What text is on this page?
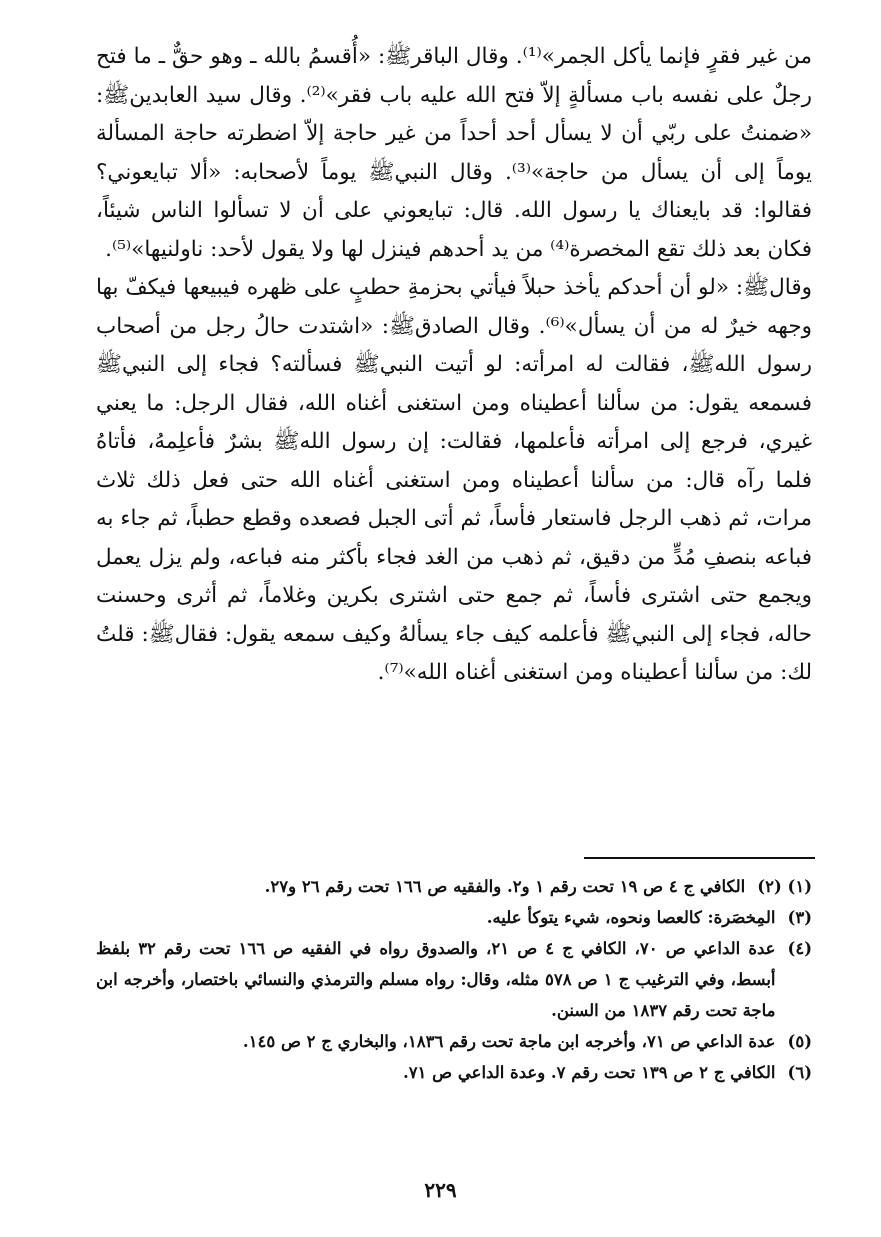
من غير فقرٍ فإنما يأكل الجمر»⁽¹⁾. وقال الباقرﷺ: «أُقسمُ بالله ـ وهو حقٌّ ـ ما فتح رجلٌ على نفسه باب مسألةٍ إلاّ فتح الله عليه باب فقر»⁽²⁾. وقال سيد العابدينﷺ: «ضمنتُ على ربّي أن لا يسأل أحد أحداً من غير حاجة إلاّ اضطرته حاجة المسألة يوماً إلى أن يسأل من حاجة»⁽³⁾. وقال النبيﷺ يوماً لأصحابه: «ألا تبايعوني؟ فقالوا: قد بايعناك يا رسول الله. قال: تبايعوني على أن لا تسألوا الناس شيئاً، فكان بعد ذلك تقع المخصرة⁽⁴⁾ من يد أحدهم فينزل لها ولا يقول لأحد: ناولنيها»⁽⁵⁾.

وقالﷺ: «لو أن أحدكم يأخذ حبلاً فيأتي بحزمةِ حطبٍ على ظهره فيبيعها فيكفّ بها وجهه خيرٌ له من أن يسأل»⁽⁶⁾. وقال الصادقﷺ: «اشتدت حالُ رجل من أصحاب رسول اللهﷺ، فقالت له امرأته: لو أتيت النبيﷺ فسألته؟ فجاء إلى النبيﷺ فسمعه يقول: من سألنا أعطيناه ومن استغنى أغناه الله، فقال الرجل: ما يعني غيري، فرجع إلى امرأته فأعلمها، فقالت: إن رسول اللهﷺ بشرٌ فأعلِمهُ، فأتاهُ فلما رآه قال: من سألنا أعطيناه ومن استغنى أغناه الله حتى فعل ذلك ثلاث مرات، ثم ذهب الرجل فاستعار فأساً، ثم أتى الجبل فصعده وقطع حطباً، ثم جاء به فباعه بنصفِ مُدٍّ من دقيق، ثم ذهب من الغد فجاء بأكثر منه فباعه، ولم يزل يعمل ويجمع حتى اشترى فأساً، ثم جمع حتى اشترى بكرين وغلاماً، ثم أثرى وحسنت حاله، فجاء إلى النبيﷺ فأعلمه كيف جاء يسألهُ وكيف سمعه يقول: فقالﷺ: قلتُ لك: من سألنا أعطيناه ومن استغنى أغناه الله»⁽⁷⁾.

(١) (٢)
الكافي ج ٤ ص ١٩ تحت رقم ١ و٢. والفقيه ص ١٦٦ تحت رقم ٢٦ و٢٧.
(٣)
المِخصَرة: كالعصا ونحوه، شيء يتوكأ عليه.
(٤)
عدة الداعي ص ٧٠، الكافي ج ٤ ص ٢١، والصدوق رواه في الفقيه ص ١٦٦ تحت رقم ٣٢ بلفظ أبسط، وفي الترغيب ج ١ ص ٥٧٨ مثله، وقال: رواه مسلم والترمذي والنسائي باختصار، وأخرجه ابن ماجة تحت رقم ١٨٣٧ من السنن.
(٥)
عدة الداعي ص ٧١، وأخرجه ابن ماجة تحت رقم ١٨٣٦، والبخاري ج ٢ ص ١٤٥.
(٦)
الكافي ج ٢ ص ١٣٩ تحت رقم ٧. وعدة الداعي ص ٧١.
٢٢٩
